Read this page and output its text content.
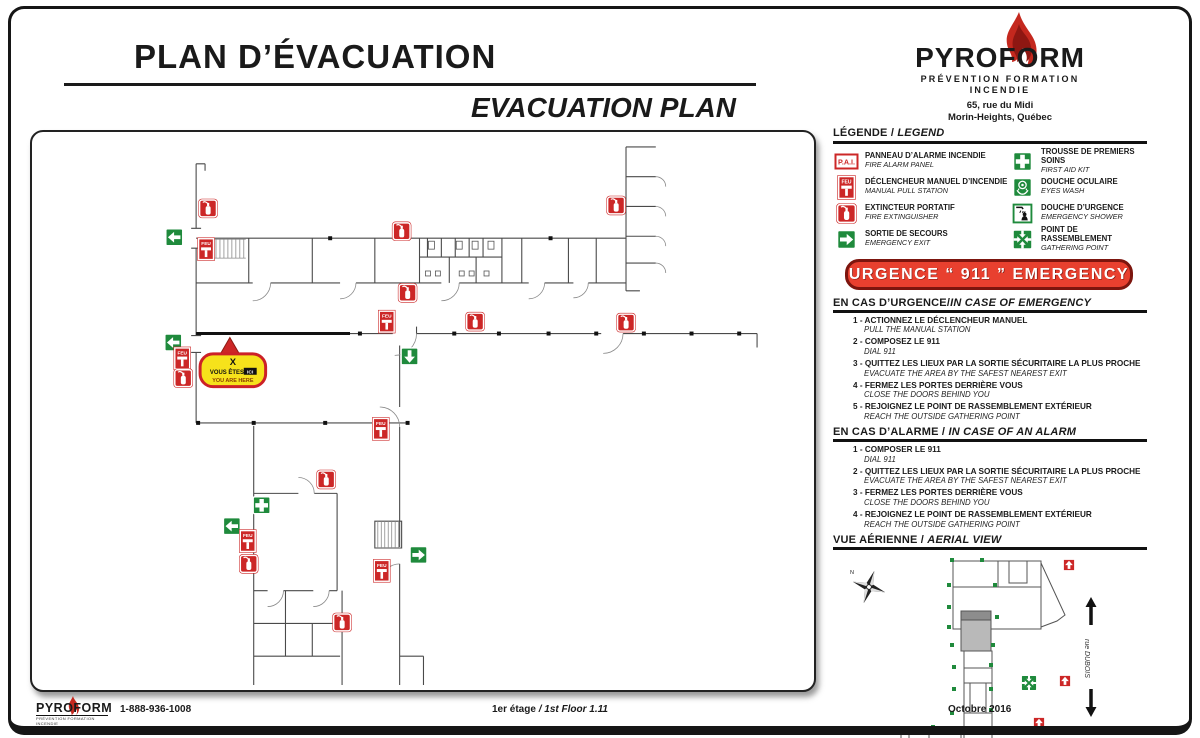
PLAN D’ÉVACUATION
EVACUATION PLAN
PYROFORM
PRÉVENTION FORMATION
INCENDIE
65, rue du Midi
Morin-Heights, Québec
X
VOUS ÊTES ICI
YOU ARE HERE
LÉGENDE / LEGEND
PANNEAU D’ALARME INCENDIE
FIRE ALARM PANEL
DÉCLENCHEUR MANUEL D’INCENDIE
MANUAL PULL STATION
EXTINCTEUR PORTATIF
FIRE EXTINGUISHER
SORTIE DE SECOURS
EMERGENCY EXIT
TROUSSE DE PREMIERS SOINS
FIRST AID KIT
DOUCHE OCULAIRE
EYES WASH
DOUCHE D’URGENCE
EMERGENCY SHOWER
POINT DE RASSEMBLEMENT
GATHERING POINT
URGENCE “ 911 ” EMERGENCY
EN CAS D’URGENCE/IN CASE OF EMERGENCY
1 - ACTIONNEZ LE DÉCLENCHEUR MANUEL
PULL THE MANUAL STATION
2 - COMPOSEZ LE 911
DIAL 911
3 - QUITTEZ LES LIEUX PAR LA SORTIE SÉCURITAIRE LA PLUS PROCHE
EVACUATE THE AREA BY THE SAFEST NEAREST EXIT
4 - FERMEZ LES PORTES DERRIÈRE VOUS
CLOSE THE DOORS BEHIND YOU
5 - REJOIGNEZ LE POINT DE RASSEMBLEMENT EXTÉRIEUR
REACH THE OUTSIDE GATHERING POINT
EN CAS D’ALARME / IN CASE OF AN ALARM
1 - COMPOSER LE 911
DIAL 911
2 - QUITTEZ LES LIEUX PAR LA SORTIE SÉCURITAIRE LA PLUS PROCHE
EVACUATE THE AREA BY THE SAFEST NEAREST EXIT
3 - FERMEZ LES PORTES DERRIÈRE VOUS
CLOSE THE DOORS BEHIND YOU
4 - REJOIGNEZ LE POINT DE RASSEMBLEMENT EXTÉRIEUR
REACH THE OUTSIDE GATHERING POINT
VUE AÉRIENNE / AERIAL VIEW
N
rue DUBOIS
PYROFORM
PRÉVENTION FORMATION INCENDIE
1-888-936-1008	1er étage / 1st Floor 1.11	Octobre 2016
